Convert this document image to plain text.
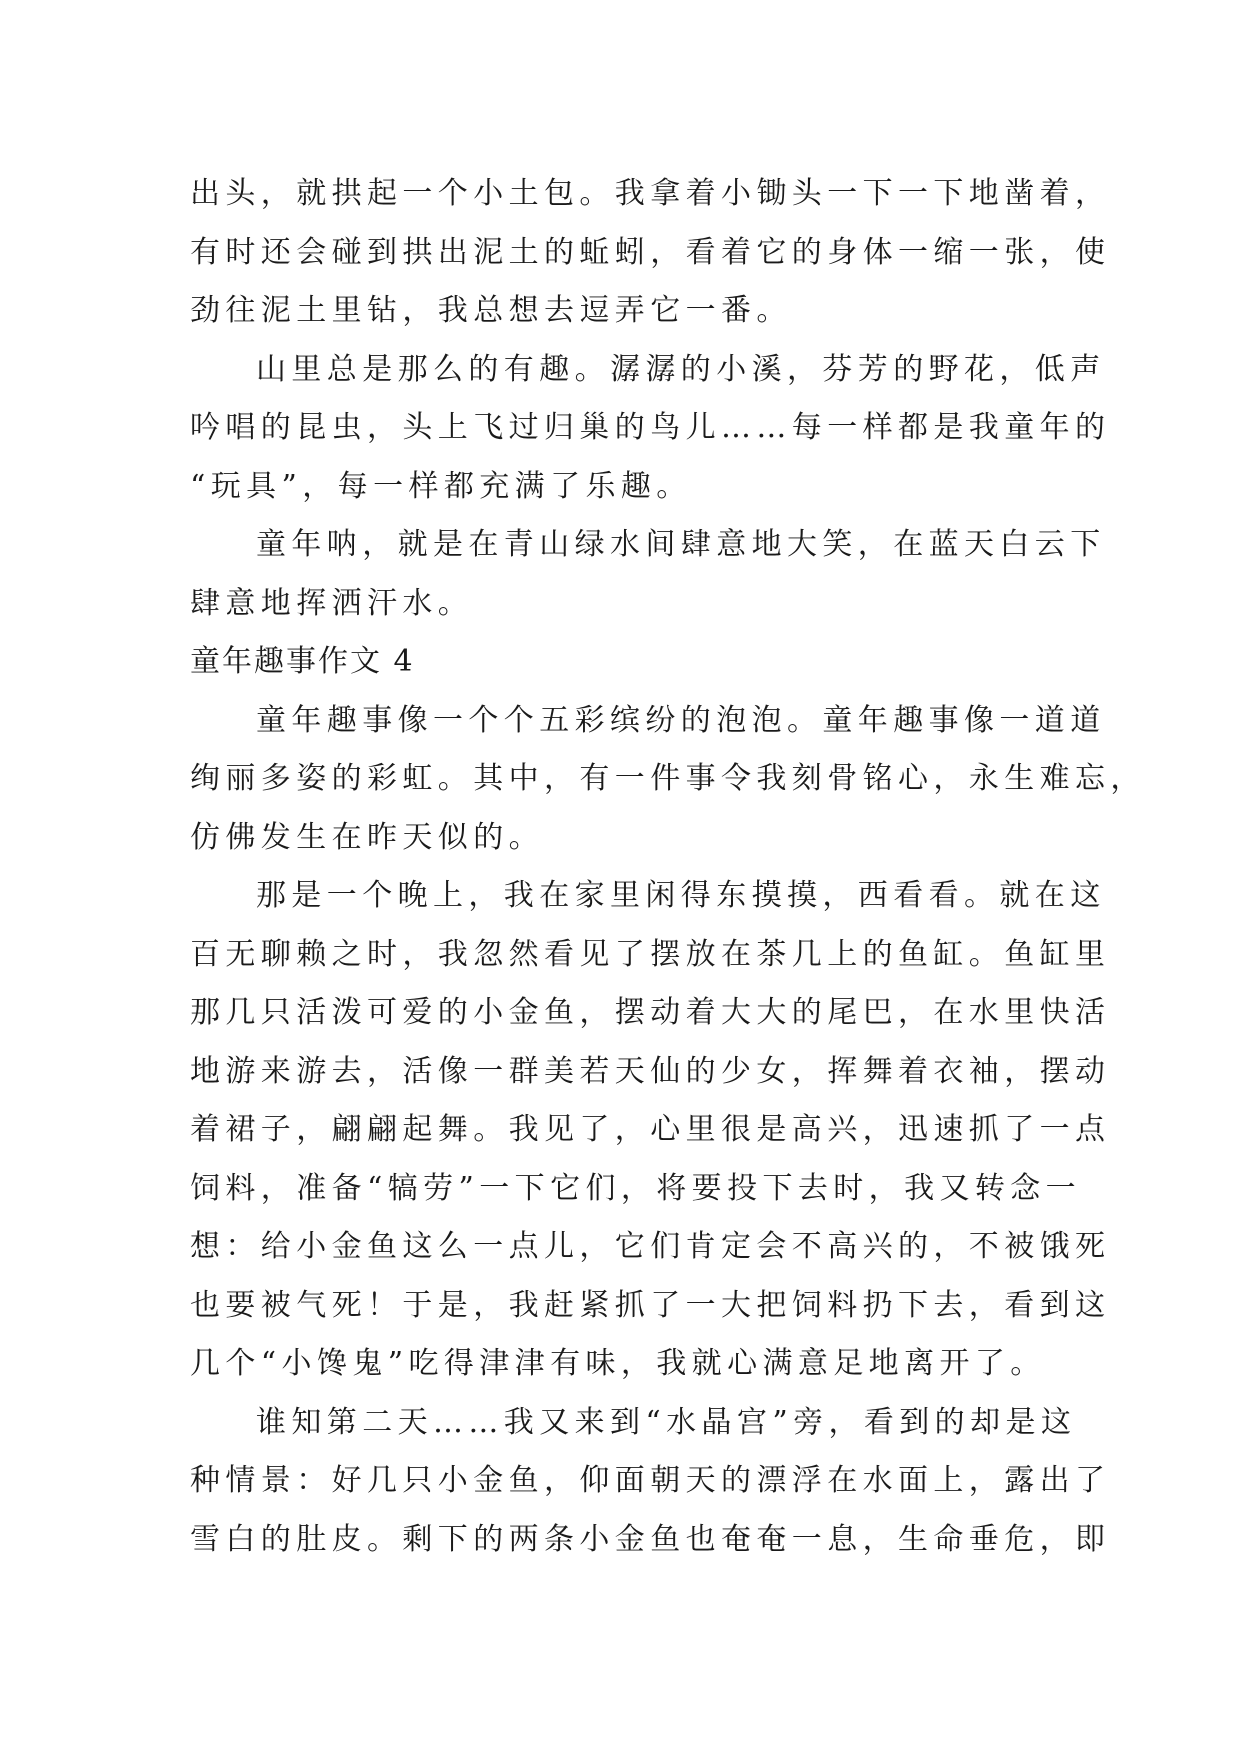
出头，就拱起一个小土包。我拿着小锄头一下一下地凿着，
有时还会碰到拱出泥土的蚯蚓，看着它的身体一缩一张，使
劲往泥土里钻，我总想去逗弄它一番。
山里总是那么的有趣。潺潺的小溪，芬芳的野花，低声
吟唱的昆虫，头上飞过归巢的鸟儿……每一样都是我童年的
“玩具”，每一样都充满了乐趣。
童年呐，就是在青山绿水间肆意地大笑，在蓝天白云下
肆意地挥洒汗水。
童年趣事作文 4
童年趣事像一个个五彩缤纷的泡泡。童年趣事像一道道
绚丽多姿的彩虹。其中，有一件事令我刻骨铭心，永生难忘，
仿佛发生在昨天似的。
那是一个晚上，我在家里闲得东摸摸，西看看。就在这
百无聊赖之时，我忽然看见了摆放在茶几上的鱼缸。鱼缸里
那几只活泼可爱的小金鱼，摆动着大大的尾巴，在水里快活
地游来游去，活像一群美若天仙的少女，挥舞着衣袖，摆动
着裙子，翩翩起舞。我见了，心里很是高兴，迅速抓了一点
饲料，准备“犒劳”一下它们，将要投下去时，我又转念一
想：给小金鱼这么一点儿，它们肯定会不高兴的，不被饿死
也要被气死！于是，我赶紧抓了一大把饲料扔下去，看到这
几个“小馋鬼”吃得津津有味，我就心满意足地离开了。
谁知第二天……我又来到“水晶宫”旁，看到的却是这
种情景：好几只小金鱼，仰面朝天的漂浮在水面上，露出了
雪白的肚皮。剩下的两条小金鱼也奄奄一息，生命垂危，即
